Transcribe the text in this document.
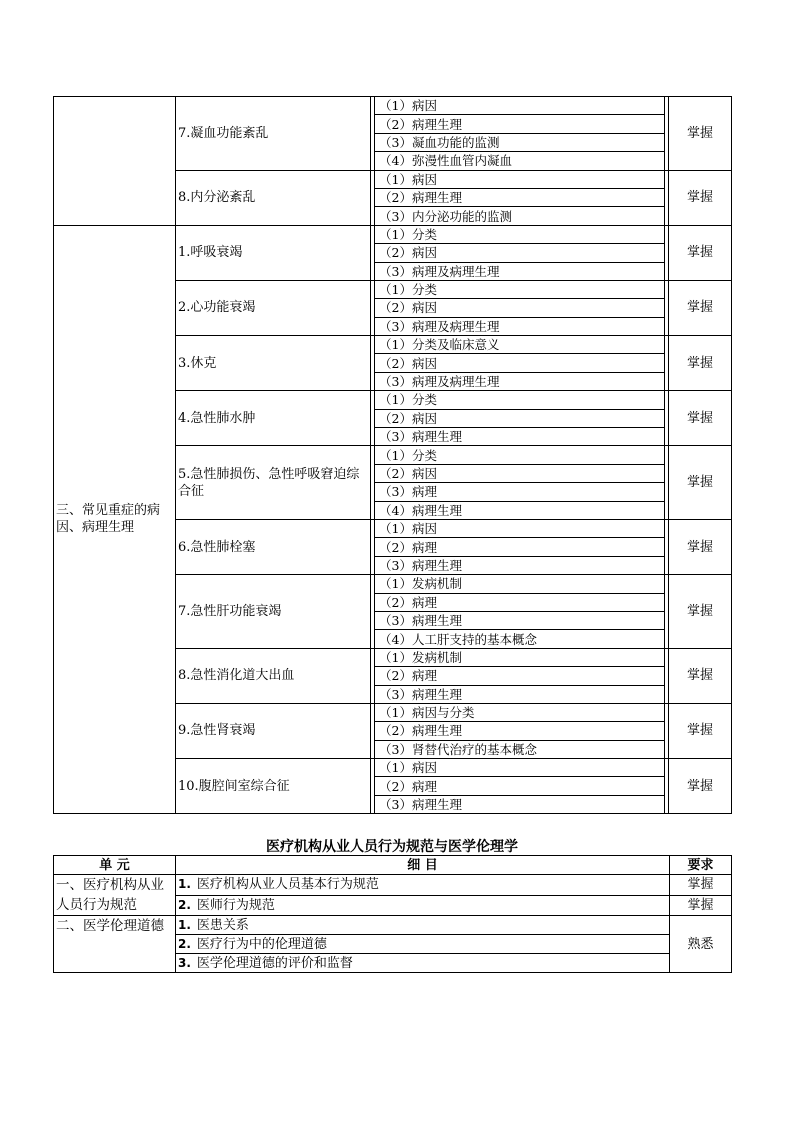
	7.凝血功能紊乱		（1）病因		掌握
			（2）病理生理		
			（3）凝血功能的监测		
			（4）弥漫性血管内凝血		
	8.内分泌紊乱		（1）病因		掌握
			（2）病理生理		
			（3）内分泌功能的监测		
三、常见重症的病因、病理生理	1.呼吸衰竭		（1）分类		掌握
			（2）病因		
			（3）病理及病理生理		
	2.心功能衰竭		（1）分类		掌握
			（2）病因		
			（3）病理及病理生理		
	3.休克		（1）分类及临床意义		掌握
			（2）病因		
			（3）病理及病理生理		
	4.急性肺水肿		（1）分类		掌握
			（2）病因		
			（3）病理生理		
	5.急性肺损伤、急性呼吸窘迫综合征		（1）分类		掌握
			（2）病因		
			（3）病理		
			（4）病理生理		
	6.急性肺栓塞		（1）病因		掌握
			（2）病理		
			（3）病理生理		
	7.急性肝功能衰竭		（1）发病机制		掌握
			（2）病理		
			（3）病理生理		
			（4）人工肝支持的基本概念		
	8.急性消化道大出血		（1）发病机制		掌握
			（2）病理		
			（3）病理生理		
	9.急性肾衰竭		（1）病因与分类		掌握
			（2）病理生理		
			（3）肾替代治疗的基本概念		
	10.腹腔间室综合征		（1）病因		掌握
			（2）病理		
			（3）病理生理		
医疗机构从业人员行为规范与医学伦理学
单 元	细 目	要求
一、医疗机构从业人员行为规范	1. 医疗机构从业人员基本行为规范	掌握
	2. 医师行为规范	掌握
二、医学伦理道德	1. 医患关系	熟悉
	2. 医疗行为中的伦理道德	
	3. 医学伦理道德的评价和监督	
